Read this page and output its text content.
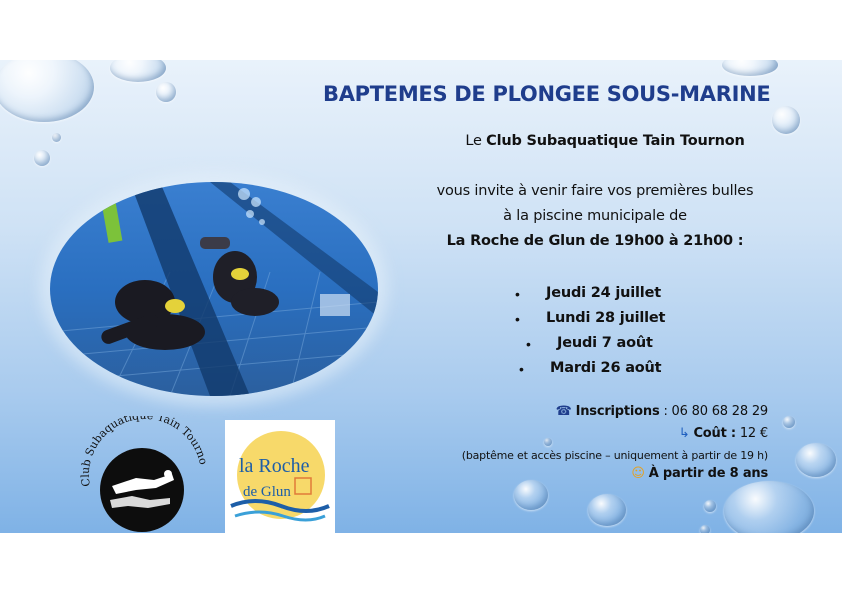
BAPTEMES DE PLONGEE SOUS-MARINE
Le Club Subaquatique Tain Tournon
vous invite à venir faire vos premières bulles
à la piscine municipale de
La Roche de Glun de 19h00 à 21h00 :
• Jeudi 24 juillet
• Lundi 28 juillet
• Jeudi 7 août
• Mardi 26 août
☎ Inscriptions : 06 80 68 28 29
↳ Coût : 12 €
(baptême et accès piscine – uniquement à partir de 19 h)
☺ À partir de 8 ans
Club Subaquatiq Tain Tour
la Roche
de Glun
